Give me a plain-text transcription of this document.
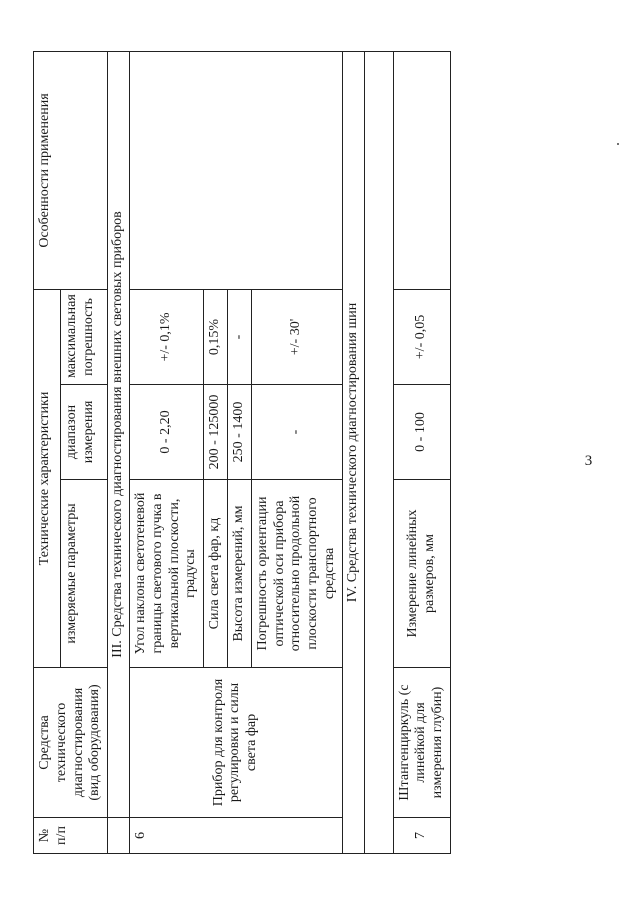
3
№ п/п	Средства технического диагностирования (вид оборудования)	Технические характеристики			Особенности применения
		измеряемые параметры	диапазон измерения	максимальная погрешность	
	III. Средства технического диагностирования внешних световых приборов				
6	Прибор для контроля регулировки и силы света фар	Угол наклона светотеневой границы светового пучка в вертикальной плоскости, градусы	0 - 2,20	+/- 0,1%	
		Сила света фар, кд	200 - 125000	0,15%	
		Высота измерений, мм	250 - 1400	-	
		Погрешность ориентации оптической оси прибора относительно продольной плоскости транспортного средства	-	+/- 30'	
IV. Средства технического диагностирования шин					

7	Штангенциркуль (с линейкой для измерения глубин)	Измерение линейных размеров, мм	0 - 100	+/- 0,05	
